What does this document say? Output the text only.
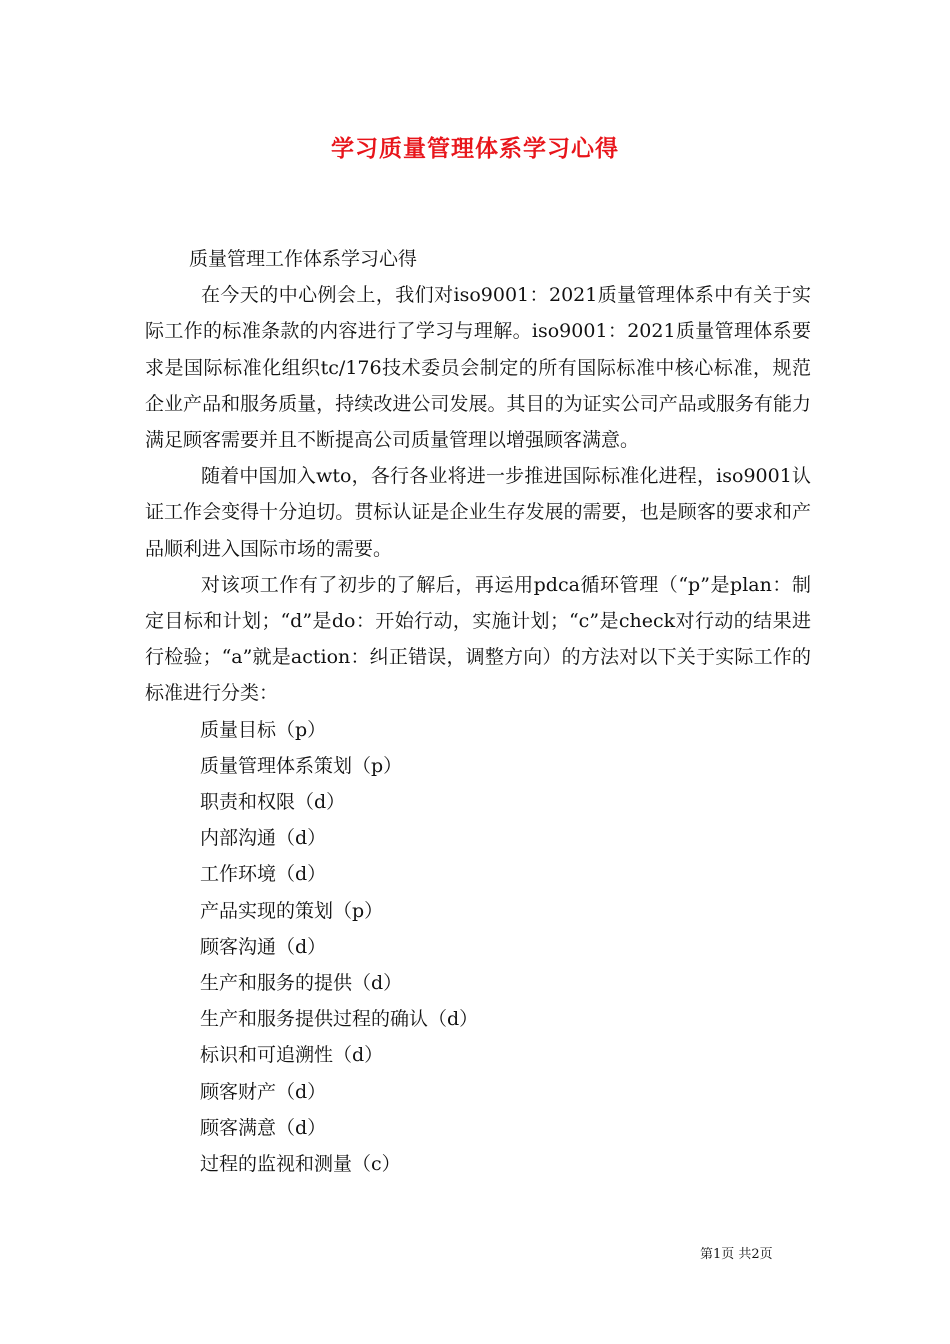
学习质量管理体系学习心得

质量管理工作体系学习心得

在今天的中心例会上，我们对iso9001：2021质量管理体系中有关于实际工作的标准条款的内容进行了学习与理解。iso9001：2021质量管理体系要求是国际标准化组织tc/176技术委员会制定的所有国际标准中核心标准，规范企业产品和服务质量，持续改进公司发展。其目的为证实公司产品或服务有能力满足顾客需要并且不断提高公司质量管理以增强顾客满意。

随着中国加入wto，各行各业将进一步推进国际标准化进程，iso9001认证工作会变得十分迫切。贯标认证是企业生存发展的需要，也是顾客的要求和产品顺利进入国际市场的需要。

对该项工作有了初步的了解后，再运用pdca循环管理（“p”是plan：制定目标和计划；“d”是do：开始行动，实施计划；“c”是check对行动的结果进行检验；“a”就是action：纠正错误，调整方向）的方法对以下关于实际工作的标准进行分类：

质量目标（p）
质量管理体系策划（p）
职责和权限（d）
内部沟通（d）
工作环境（d）
产品实现的策划（p）
顾客沟通（d）
生产和服务的提供（d）
生产和服务提供过程的确认（d）
标识和可追溯性（d）
顾客财产（d）
顾客满意（d）
过程的监视和测量（c）
第1页 共2页
